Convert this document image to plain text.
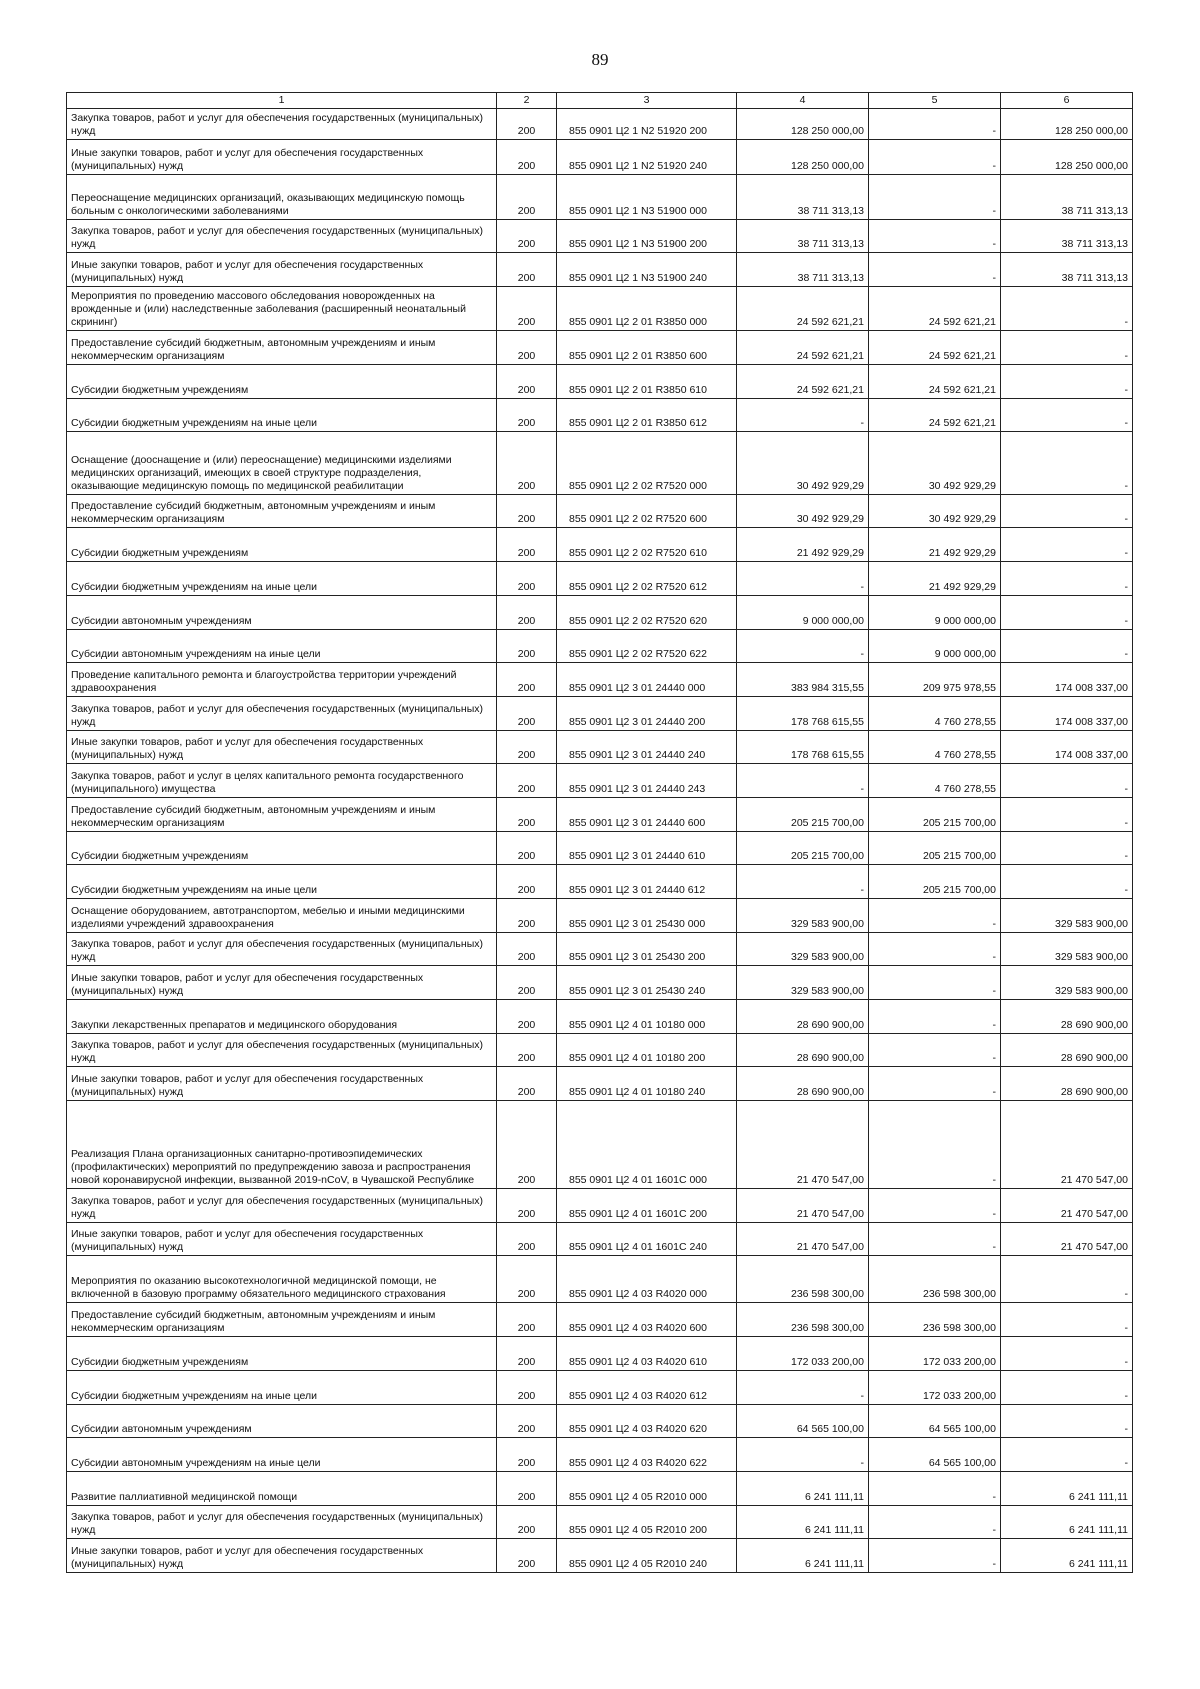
89
1	2	3	4	5	6
Закупка товаров, работ и услуг для обеспечения государственных (муниципальных) нужд	200	855 0901 Ц2 1 N2 51920 200	128 250 000,00	-	128 250 000,00
Иные закупки товаров, работ и услуг для обеспечения государственных (муниципальных) нужд	200	855 0901 Ц2 1 N2 51920 240	128 250 000,00	-	128 250 000,00
Переоснащение медицинских организаций, оказывающих медицинскую помощь больным с онкологическими заболеваниями	200	855 0901 Ц2 1 N3 51900 000	38 711 313,13	-	38 711 313,13
Закупка товаров, работ и услуг для обеспечения государственных (муниципальных) нужд	200	855 0901 Ц2 1 N3 51900 200	38 711 313,13	-	38 711 313,13
Иные закупки товаров, работ и услуг для обеспечения государственных (муниципальных) нужд	200	855 0901 Ц2 1 N3 51900 240	38 711 313,13	-	38 711 313,13
Мероприятия по проведению массового обследования новорожденных на врожденные и (или) наследственные заболевания (расширенный неонатальный скрининг)	200	855 0901 Ц2 2 01 R3850 000	24 592 621,21	24 592 621,21	-
Предоставление субсидий бюджетным, автономным учреждениям и иным некоммерческим организациям	200	855 0901 Ц2 2 01 R3850 600	24 592 621,21	24 592 621,21	-
Субсидии бюджетным учреждениям	200	855 0901 Ц2 2 01 R3850 610	24 592 621,21	24 592 621,21	-
Субсидии бюджетным учреждениям на иные цели	200	855 0901 Ц2 2 01 R3850 612	-	24 592 621,21	-
Оснащение (дооснащение и (или) переоснащение) медицинскими изделиями медицинских организаций, имеющих в своей структуре подразделения, оказывающие медицинскую помощь по медицинской реабилитации	200	855 0901 Ц2 2 02 R7520 000	30 492 929,29	30 492 929,29	-
Предоставление субсидий бюджетным, автономным учреждениям и иным некоммерческим организациям	200	855 0901 Ц2 2 02 R7520 600	30 492 929,29	30 492 929,29	-
Субсидии бюджетным учреждениям	200	855 0901 Ц2 2 02 R7520 610	21 492 929,29	21 492 929,29	-
Субсидии бюджетным учреждениям на иные цели	200	855 0901 Ц2 2 02 R7520 612	-	21 492 929,29	-
Субсидии автономным учреждениям	200	855 0901 Ц2 2 02 R7520 620	9 000 000,00	9 000 000,00	-
Субсидии автономным учреждениям на иные цели	200	855 0901 Ц2 2 02 R7520 622	-	9 000 000,00	-
Проведение капитального ремонта и благоустройства территории учреждений здравоохранения	200	855 0901 Ц2 3 01 24440 000	383 984 315,55	209 975 978,55	174 008 337,00
Закупка товаров, работ и услуг для обеспечения государственных (муниципальных) нужд	200	855 0901 Ц2 3 01 24440 200	178 768 615,55	4 760 278,55	174 008 337,00
Иные закупки товаров, работ и услуг для обеспечения государственных (муниципальных) нужд	200	855 0901 Ц2 3 01 24440 240	178 768 615,55	4 760 278,55	174 008 337,00
Закупка товаров, работ и услуг в целях капитального ремонта государственного (муниципального) имущества	200	855 0901 Ц2 3 01 24440 243	-	4 760 278,55	-
Предоставление субсидий бюджетным, автономным учреждениям и иным некоммерческим организациям	200	855 0901 Ц2 3 01 24440 600	205 215 700,00	205 215 700,00	-
Субсидии бюджетным учреждениям	200	855 0901 Ц2 3 01 24440 610	205 215 700,00	205 215 700,00	-
Субсидии бюджетным учреждениям на иные цели	200	855 0901 Ц2 3 01 24440 612	-	205 215 700,00	-
Оснащение оборудованием, автотранспортом, мебелью и иными медицинскими изделиями учреждений здравоохранения	200	855 0901 Ц2 3 01 25430 000	329 583 900,00	-	329 583 900,00
Закупка товаров, работ и услуг для обеспечения государственных (муниципальных) нужд	200	855 0901 Ц2 3 01 25430 200	329 583 900,00	-	329 583 900,00
Иные закупки товаров, работ и услуг для обеспечения государственных (муниципальных) нужд	200	855 0901 Ц2 3 01 25430 240	329 583 900,00	-	329 583 900,00
Закупки лекарственных препаратов и медицинского оборудования	200	855 0901 Ц2 4 01 10180 000	28 690 900,00	-	28 690 900,00
Закупка товаров, работ и услуг для обеспечения государственных (муниципальных) нужд	200	855 0901 Ц2 4 01 10180 200	28 690 900,00	-	28 690 900,00
Иные закупки товаров, работ и услуг для обеспечения государственных (муниципальных) нужд	200	855 0901 Ц2 4 01 10180 240	28 690 900,00	-	28 690 900,00
Реализация Плана организационных санитарно-противоэпидемических (профилактических) мероприятий по предупреждению завоза и распространения новой коронавирусной инфекции, вызванной 2019-nCoV, в Чувашской Республике	200	855 0901 Ц2 4 01 1601С 000	21 470 547,00	-	21 470 547,00
Закупка товаров, работ и услуг для обеспечения государственных (муниципальных) нужд	200	855 0901 Ц2 4 01 1601С 200	21 470 547,00	-	21 470 547,00
Иные закупки товаров, работ и услуг для обеспечения государственных (муниципальных) нужд	200	855 0901 Ц2 4 01 1601С 240	21 470 547,00	-	21 470 547,00
Мероприятия по оказанию высокотехнологичной медицинской помощи, не включенной в базовую программу обязательного медицинского страхования	200	855 0901 Ц2 4 03 R4020 000	236 598 300,00	236 598 300,00	-
Предоставление субсидий бюджетным, автономным учреждениям и иным некоммерческим организациям	200	855 0901 Ц2 4 03 R4020 600	236 598 300,00	236 598 300,00	-
Субсидии бюджетным учреждениям	200	855 0901 Ц2 4 03 R4020 610	172 033 200,00	172 033 200,00	-
Субсидии бюджетным учреждениям на иные цели	200	855 0901 Ц2 4 03 R4020 612	-	172 033 200,00	-
Субсидии автономным учреждениям	200	855 0901 Ц2 4 03 R4020 620	64 565 100,00	64 565 100,00	-
Субсидии автономным учреждениям на иные цели	200	855 0901 Ц2 4 03 R4020 622	-	64 565 100,00	-
Развитие паллиативной медицинской помощи	200	855 0901 Ц2 4 05 R2010 000	6 241 111,11	-	6 241 111,11
Закупка товаров, работ и услуг для обеспечения государственных (муниципальных) нужд	200	855 0901 Ц2 4 05 R2010 200	6 241 111,11	-	6 241 111,11
Иные закупки товаров, работ и услуг для обеспечения государственных (муниципальных) нужд	200	855 0901 Ц2 4 05 R2010 240	6 241 111,11	-	6 241 111,11
